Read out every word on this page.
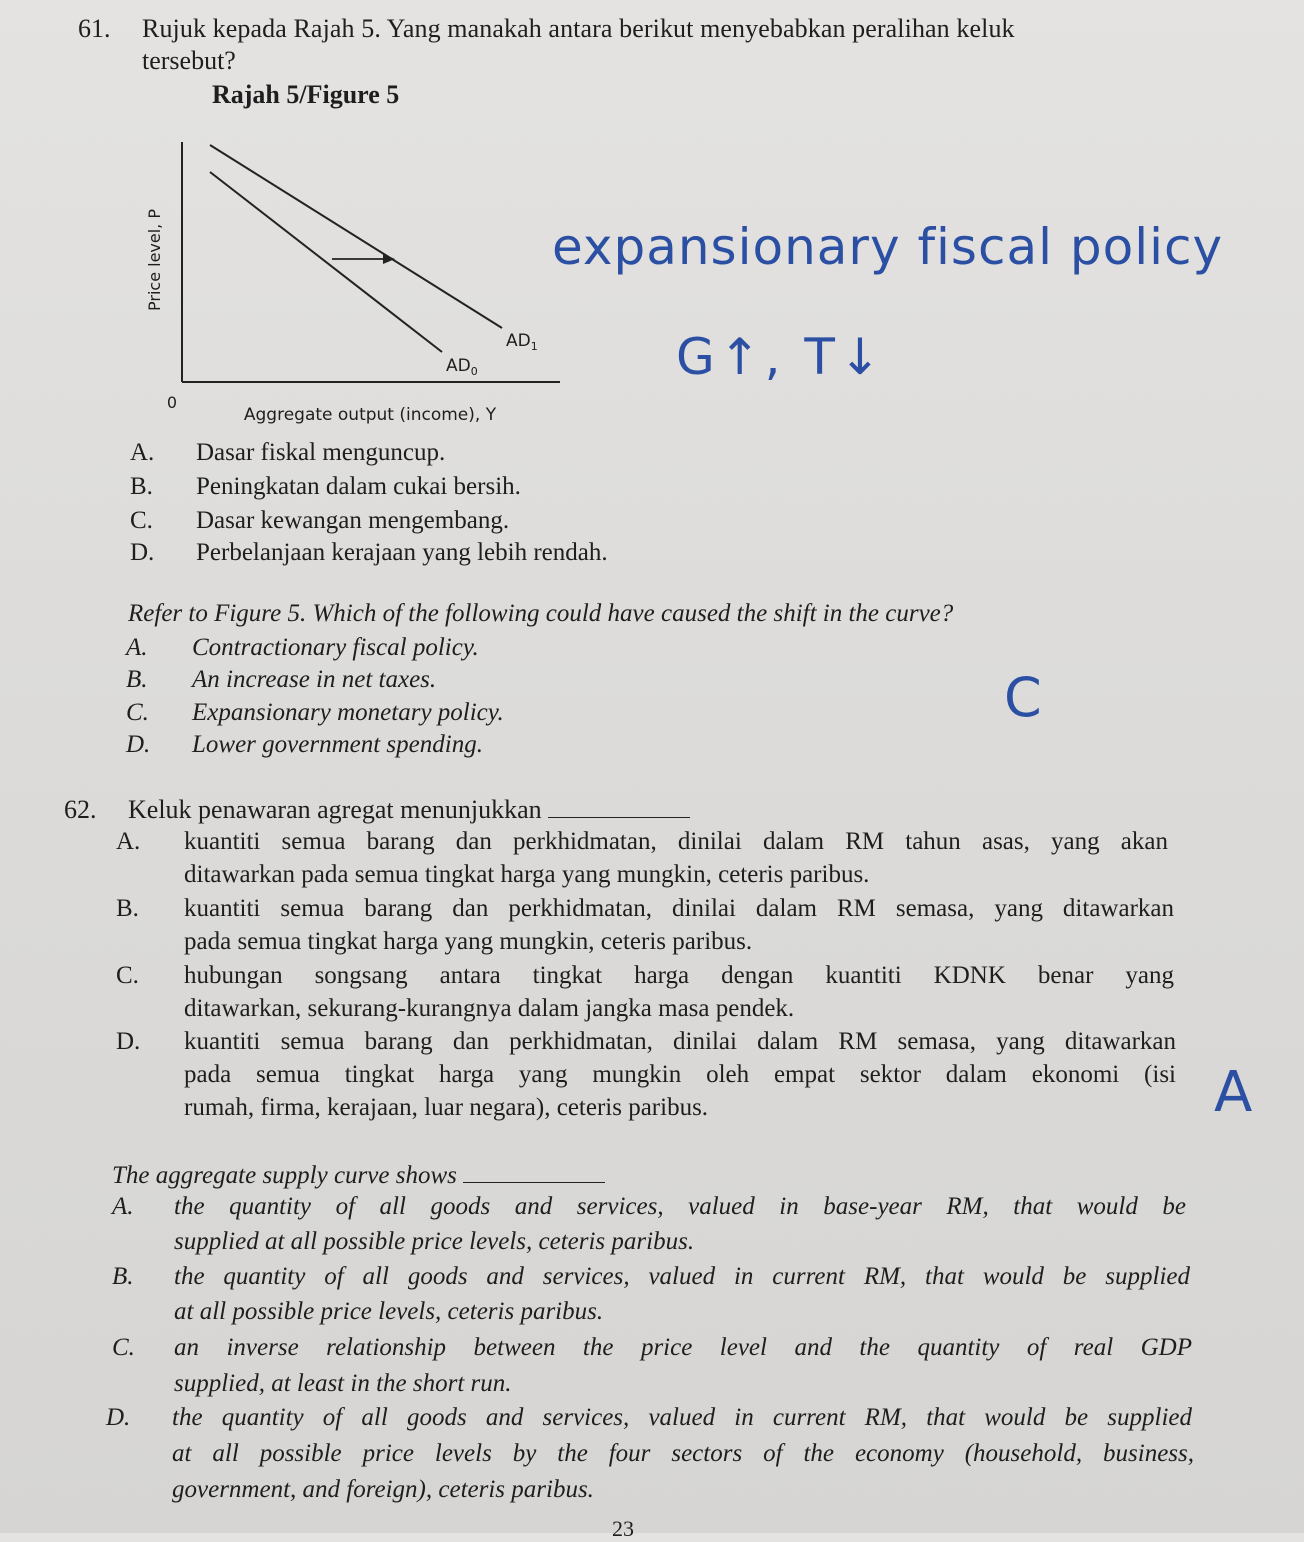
61. Rujuk kepada Rajah 5. Yang manakah antara berikut menyebabkan peralihan keluk
tersebut?
Rajah 5/Figure 5
Price level, P
0
Aggregate output (income), Y
$AD_1$
$AD_0$
expansionary fiscal policy
G↑, T↓
A. Dasar fiskal menguncup.
B. Peningkatan dalam cukai bersih.
C. Dasar kewangan mengembang.
D. Perbelanjaan kerajaan yang lebih rendah.
Refer to Figure 5. Which of the following could have caused the shift in the curve?
A. Contractionary fiscal policy.
B. An increase in net taxes.
C. Expansionary monetary policy.
D. Lower government spending.
C
62. Keluk penawaran agregat menunjukkan
A. kuantiti semua barang dan perkhidmatan, dinilai dalam RM tahun asas, yang akan
ditawarkan pada semua tingkat harga yang mungkin, ceteris paribus.
B. kuantiti semua barang dan perkhidmatan, dinilai dalam RM semasa, yang ditawarkan
pada semua tingkat harga yang mungkin, ceteris paribus.
C. hubungan songsang antara tingkat harga dengan kuantiti KDNK benar yang
ditawarkan, sekurang-kurangnya dalam jangka masa pendek.
D. kuantiti semua barang dan perkhidmatan, dinilai dalam RM semasa, yang ditawarkan
pada semua tingkat harga yang mungkin oleh empat sektor dalam ekonomi (isi
rumah, firma, kerajaan, luar negara), ceteris paribus.	A
The aggregate supply curve shows
A. the quantity of all goods and services, valued in base-year RM, that would be
supplied at all possible price levels, ceteris paribus.
B. the quantity of all goods and services, valued in current RM, that would be supplied
at all possible price levels, ceteris paribus.
C. an inverse relationship between the price level and the quantity of real GDP
supplied, at least in the short run.
D. the quantity of all goods and services, valued in current RM, that would be supplied
at all possible price levels by the four sectors of the economy (household, business,
government, and foreign), ceteris paribus.
23
